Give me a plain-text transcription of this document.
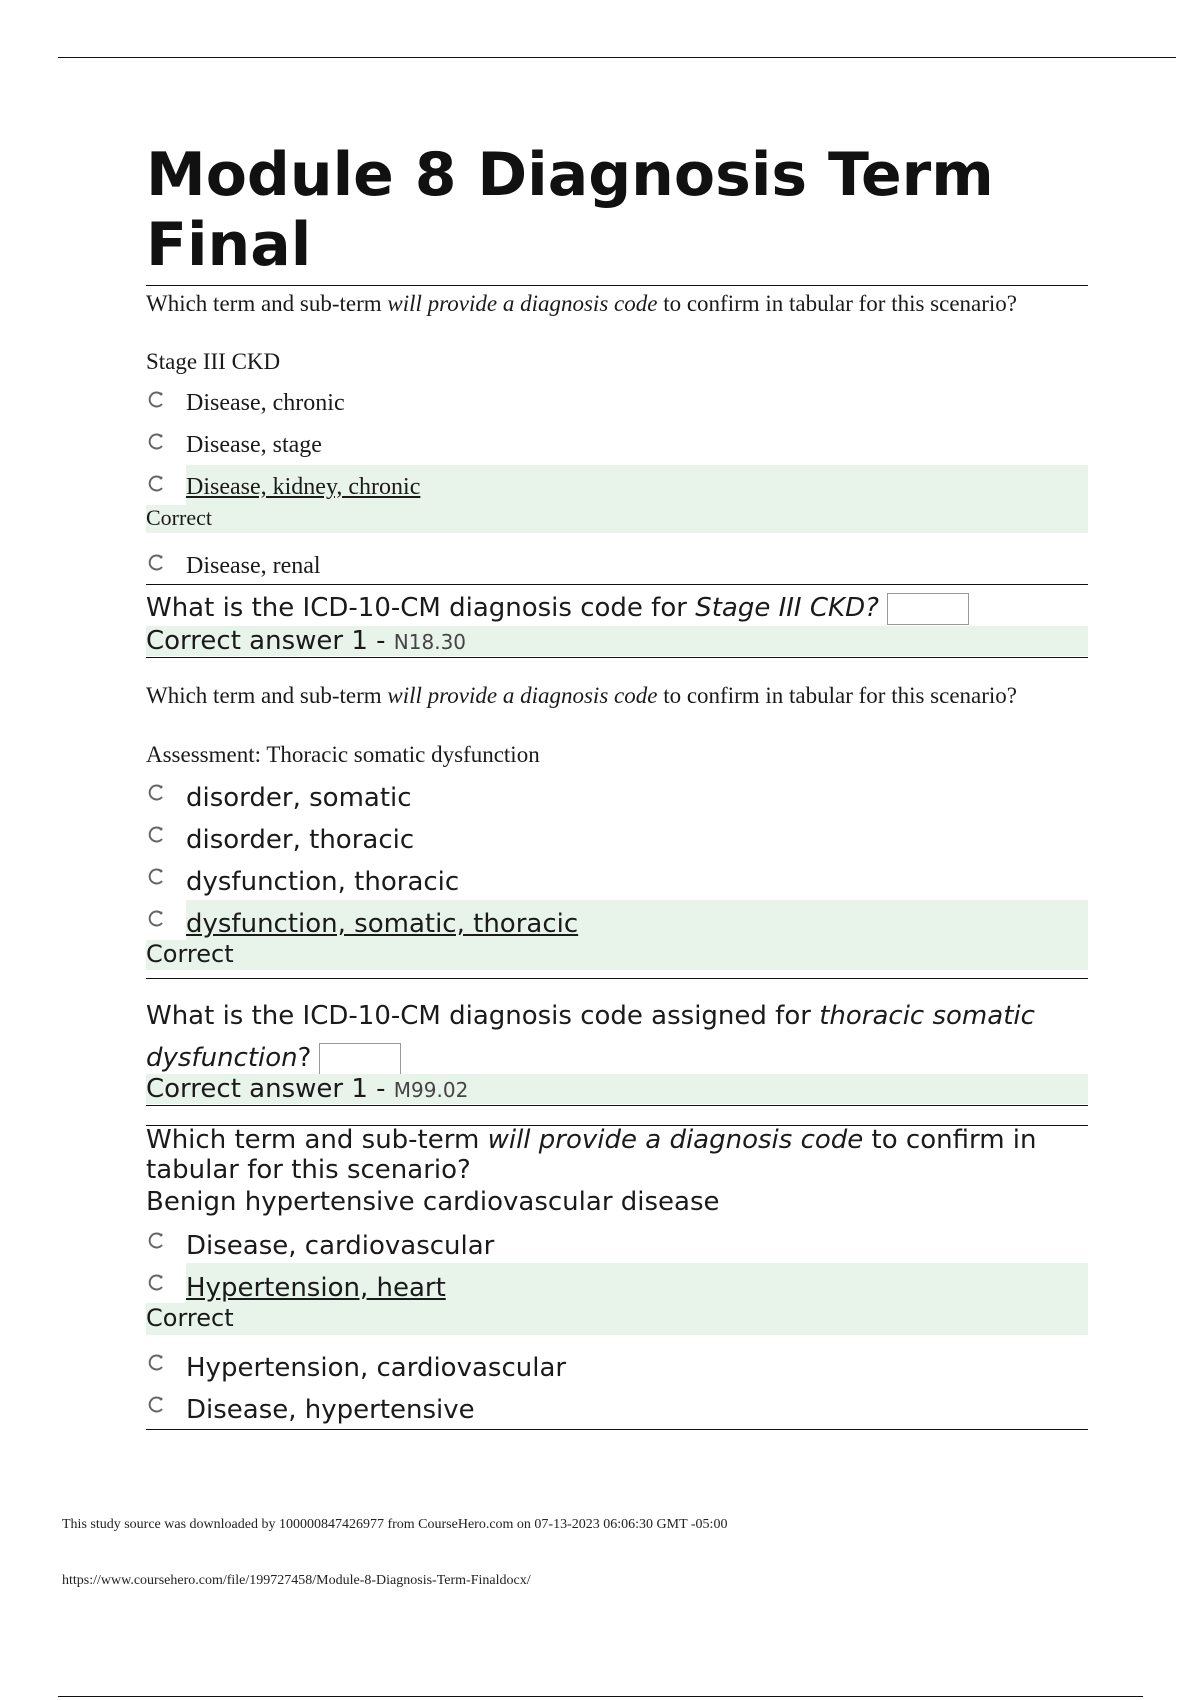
Module 8 Diagnosis Term Final
Which term and sub-term will provide a diagnosis code to confirm in tabular for this scenario?
Stage III CKD
Disease, chronic
Disease, stage
Disease, kidney, chronic
Correct
Disease, renal
What is the ICD-10-CM diagnosis code for Stage III CKD?
Correct answer 1 - N18.30
Which term and sub-term will provide a diagnosis code to confirm in tabular for this scenario?
Assessment: Thoracic somatic dysfunction
disorder, somatic
disorder, thoracic
dysfunction, thoracic
dysfunction, somatic, thoracic
Correct
What is the ICD-10-CM diagnosis code assigned for thoracic somatic dysfunction?
Correct answer 1 - M99.02
Which term and sub-term will provide a diagnosis code to confirm in tabular for this scenario?
Benign hypertensive cardiovascular disease
Disease, cardiovascular
Hypertension, heart
Correct
Hypertension, cardiovascular
Disease, hypertensive
This study source was downloaded by 100000847426977 from CourseHero.com on 07-13-2023 06:06:30 GMT -05:00
https://www.coursehero.com/file/199727458/Module-8-Diagnosis-Term-Finaldocx/
